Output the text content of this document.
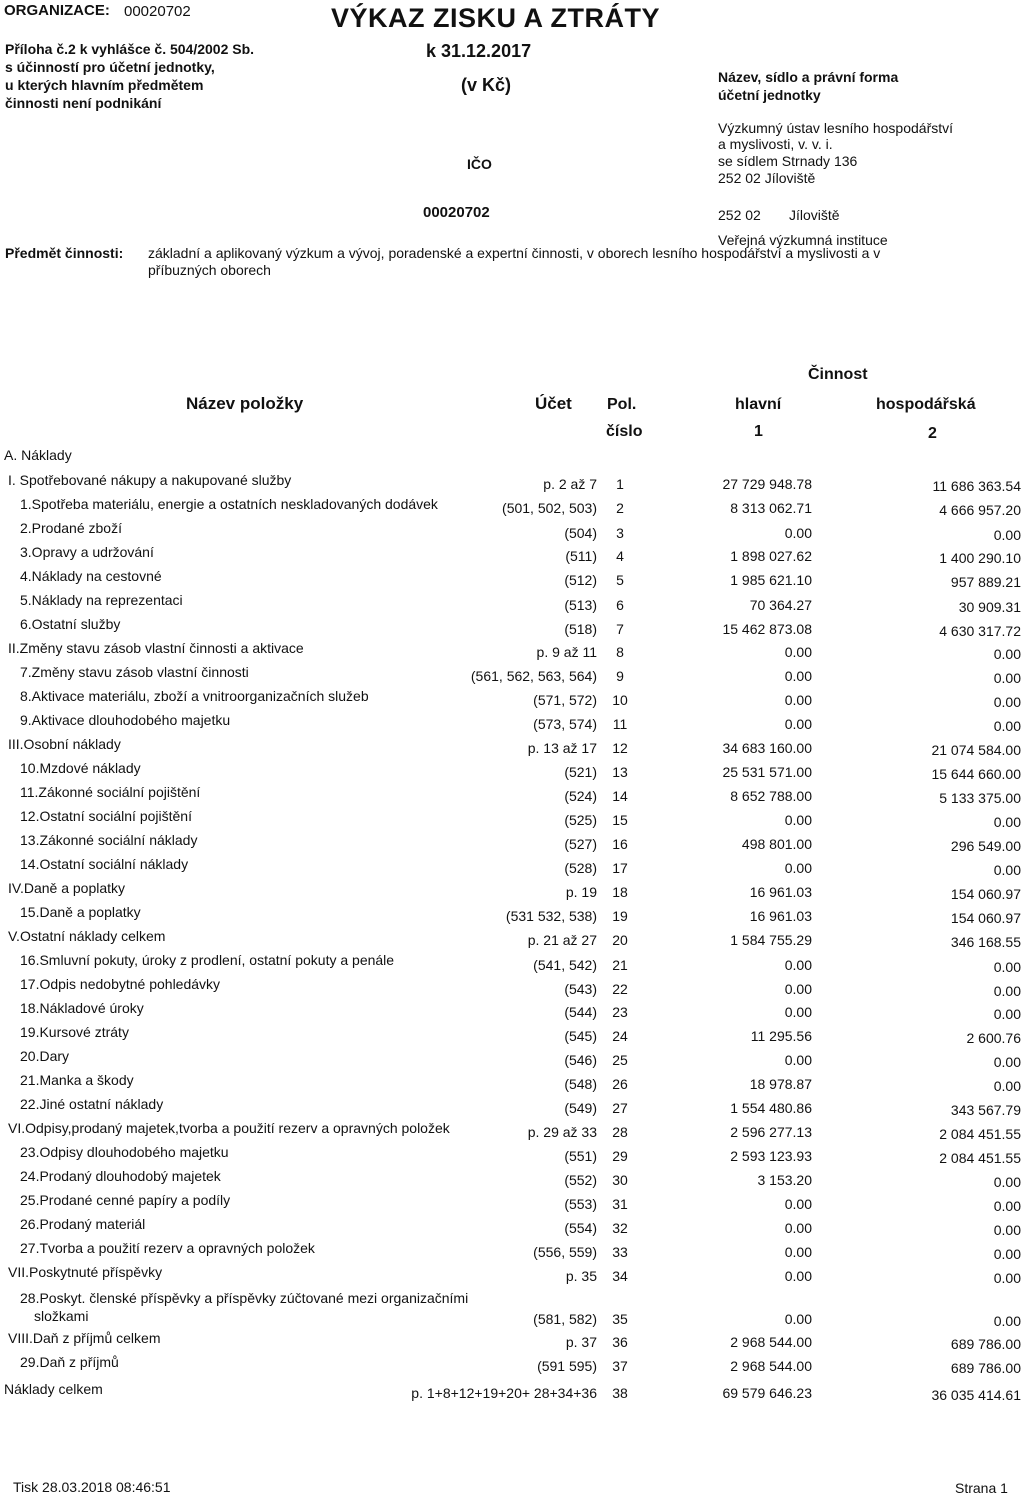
ORGANIZACE: 00020702	VÝKAZ ZISKU A ZTRÁTY
Příloha č.2 k vyhlášce č. 504/2002 Sb.
s účinností pro účetní jednotky,
u kterých hlavním předmětem
činnosti není podnikání
k 31.12.2017
(v Kč)	Název, sídlo a právní forma
účetní jednotky
Výzkumný ústav lesního hospodářství
a myslivosti, v. v. i.
se sídlem Strnady 136
252 02 Jíloviště
IČO
00020702	252 02 Jíloviště
Veřejná výzkumná instituce
Předmět činnosti: základní a aplikovaný výzkum a vývoj, poradenské a expertní činnosti, v oborech lesního hospodářství a myslivosti a v
příbuzných oborech
Činnost
Název položky	Účet Pol.	hlavní	hospodářská
číslo	1	2
A. Náklady
I. Spotřebované nákupy a nakupované služby	p. 2 až 7	1	27 729 948.78	11 686 363.54
1.Spotřeba materiálu, energie a ostatních neskladovaných dodávek	(501, 502, 503)	2	8 313 062.71	4 666 957.20
2.Prodané zboží	(504)	3	0.00	0.00
3.Opravy a udržování	(511)	4	1 898 027.62	1 400 290.10
4.Náklady na cestovné	(512)	5	1 985 621.10	957 889.21
5.Náklady na reprezentaci	(513)	6	70 364.27	30 909.31
6.Ostatní služby	(518)	7	15 462 873.08	4 630 317.72
II.Změny stavu zásob vlastní činnosti a aktivace	p. 9 až 11	8	0.00	0.00
7.Změny stavu zásob vlastní činnosti	(561, 562, 563, 564)	9	0.00	0.00
8.Aktivace materiálu, zboží a vnitroorganizačních služeb	(571, 572)	10	0.00	0.00
9.Aktivace dlouhodobého majetku	(573, 574)	11	0.00	0.00
III.Osobní náklady	p. 13 až 17	12	34 683 160.00	21 074 584.00
10.Mzdové náklady	(521)	13	25 531 571.00	15 644 660.00
11.Zákonné sociální pojištění	(524)	14	8 652 788.00	5 133 375.00
12.Ostatní sociální pojištění	(525)	15	0.00	0.00
13.Zákonné sociální náklady	(527)	16	498 801.00	296 549.00
14.Ostatní sociální náklady	(528)	17	0.00	0.00
IV.Daně a poplatky	p. 19	18	16 961.03	154 060.97
15.Daně a poplatky	(531 532, 538)	19	16 961.03	154 060.97
V.Ostatní náklady celkem	p. 21 až 27	20	1 584 755.29	346 168.55
16.Smluvní pokuty, úroky z prodlení, ostatní pokuty a penále	(541, 542)	21	0.00	0.00
17.Odpis nedobytné pohledávky	(543)	22	0.00	0.00
18.Nákladové úroky	(544)	23	0.00	0.00
19.Kursové ztráty	(545)	24	11 295.56	2 600.76
20.Dary	(546)	25	0.00	0.00
21.Manka a škody	(548)	26	18 978.87	0.00
22.Jiné ostatní náklady	(549)	27	1 554 480.86	343 567.79
VI.Odpisy,prodaný majetek,tvorba a použití rezerv a opravných položek	p. 29 až 33	28	2 596 277.13	2 084 451.55
23.Odpisy dlouhodobého majetku	(551)	29	2 593 123.93	2 084 451.55
24.Prodaný dlouhodobý majetek	(552)	30	3 153.20	0.00
25.Prodané cenné papíry a podíly	(553)	31	0.00	0.00
26.Prodaný materiál	(554)	32	0.00	0.00
27.Tvorba a použití rezerv a opravných položek	(556, 559)	33	0.00	0.00
VII.Poskytnuté příspěvky	p. 35	34	0.00	0.00
28.Poskyt. členské příspěvky a příspěvky zúčtované mezi organizačními
složkami	(581, 582)	35	0.00	0.00
VIII.Daň z příjmů celkem	p. 37	36	2 968 544.00	689 786.00
29.Daň z příjmů	(591 595)	37	2 968 544.00	689 786.00
Náklady celkem	p. 1+8+12+19+20+ 28+34+36	38	69 579 646.23	36 035 414.61
Tisk 28.03.2018 08:46:51	Strana 1
